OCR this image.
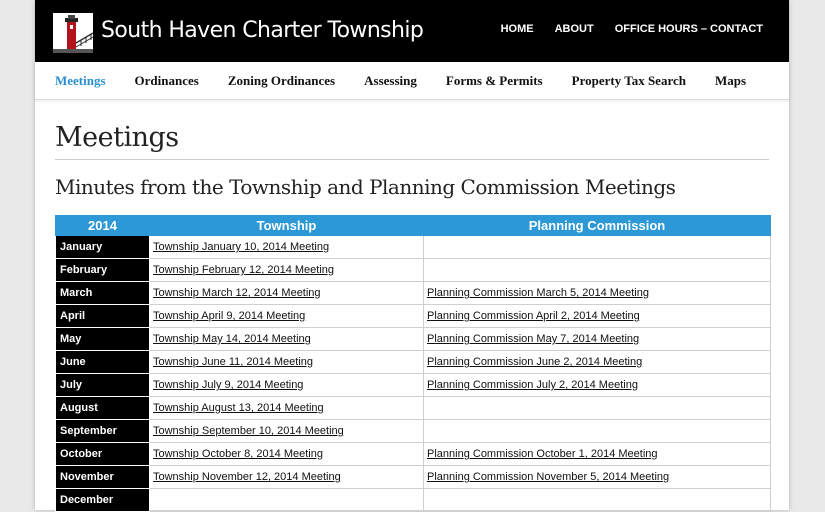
South Haven Charter Township	HOME ABOUT OFFICE HOURS – CONTACT
Meetings Ordinances Zoning Ordinances Assessing Forms & Permits Property Tax Search Maps
Meetings
Minutes from the Township and Planning Commission Meetings
2014	Township	Planning Commission
January	Township January 10, 2014 Meeting	
February	Township February 12, 2014 Meeting	
March	Township March 12, 2014 Meeting	Planning Commission March 5, 2014 Meeting
April	Township April 9, 2014 Meeting	Planning Commission April 2, 2014 Meeting
May	Township May 14, 2014 Meeting	Planning Commission May 7, 2014 Meeting
June	Township June 11, 2014 Meeting	Planning Commission June 2, 2014 Meeting
July	Township July 9, 2014 Meeting	Planning Commission July 2, 2014 Meeting
August	Township August 13, 2014 Meeting	
September	Township September 10, 2014 Meeting	
October	Township October 8, 2014 Meeting	Planning Commission October 1, 2014 Meeting
November	Township November 12, 2014 Meeting	Planning Commission November 5, 2014 Meeting
December		
